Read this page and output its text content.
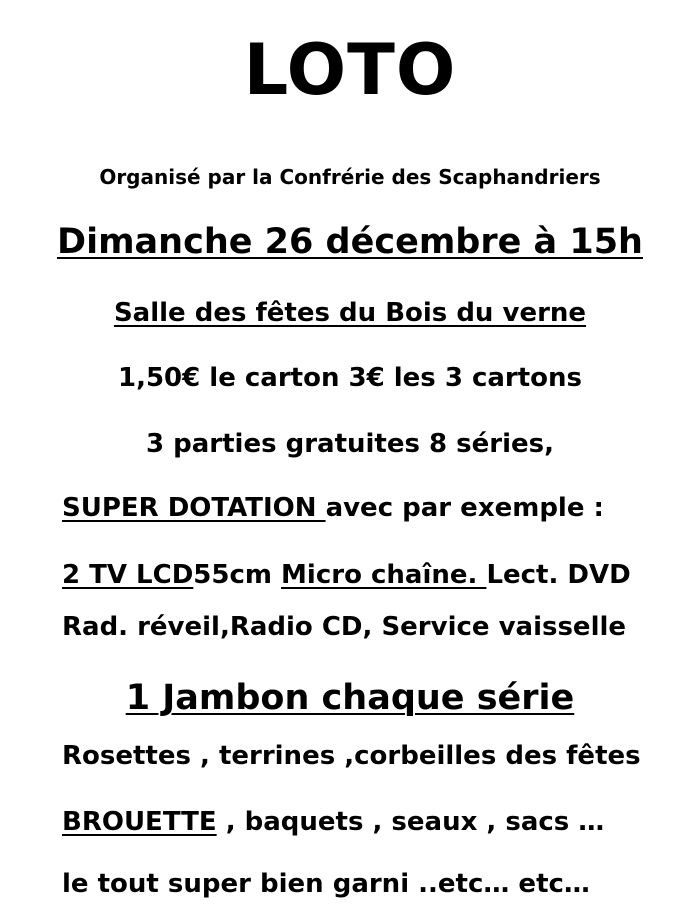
LOTO
Organisé par la Confrérie des Scaphandriers
Dimanche 26 décembre à 15h
Salle des fêtes du Bois du verne
1,50€ le carton 3€ les 3 cartons
3 parties gratuites 8 séries,
SUPER DOTATION avec par exemple :
2 TV LCD55cm Micro chaîne. Lect. DVD
Rad. réveil,Radio CD, Service vaisselle
1 Jambon chaque série
Rosettes , terrines ,corbeilles des fêtes
BROUETTE , baquets , seaux , sacs …
le tout super bien garni ..etc… etc…
